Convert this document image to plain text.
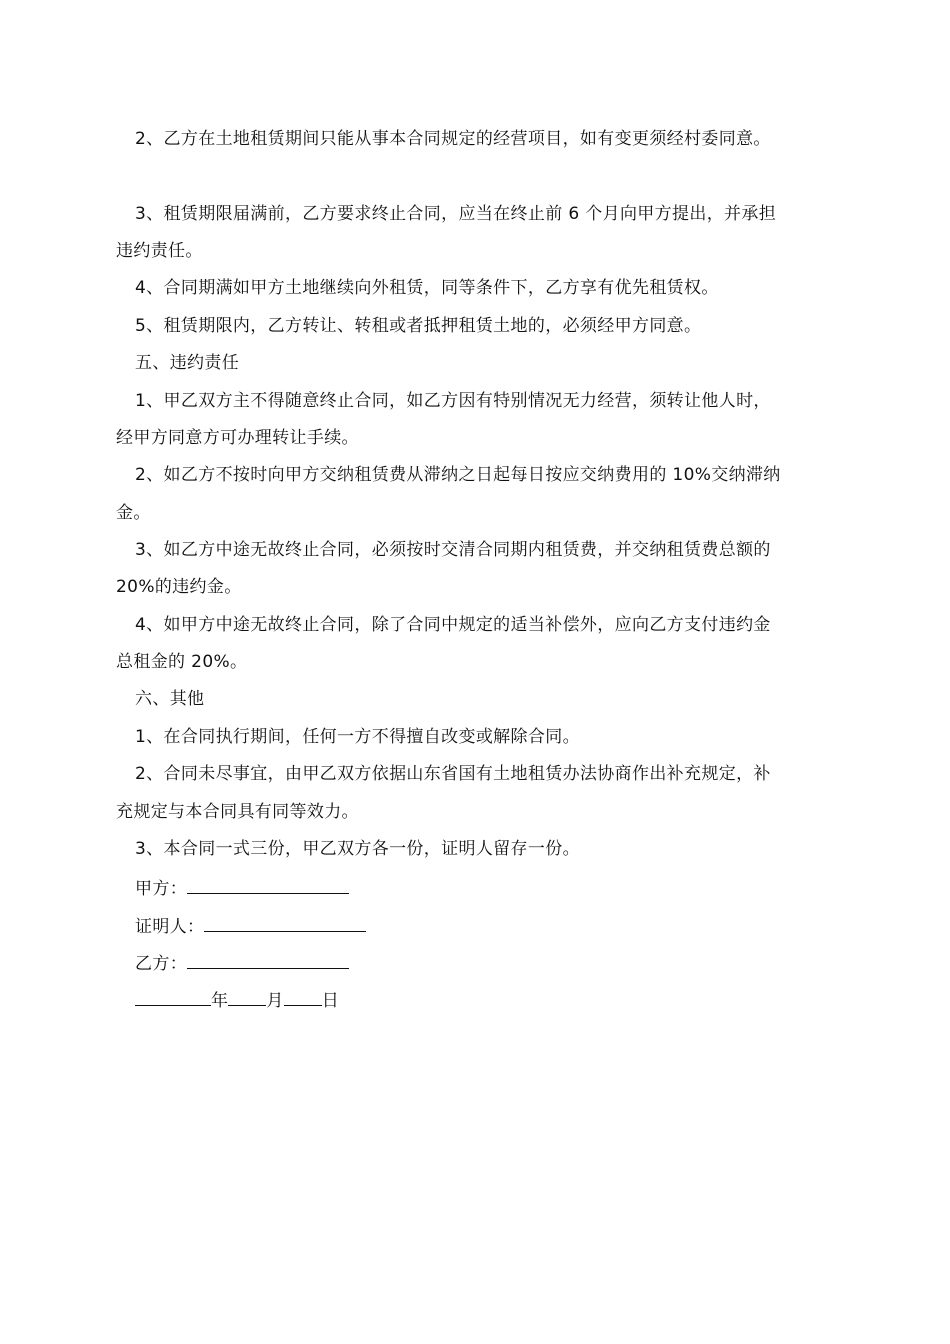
2、乙方在土地租赁期间只能从事本合同规定的经营项目，如有变更须经村委同意。
3、租赁期限届满前，乙方要求终止合同，应当在终止前 6 个月向甲方提出，并承担
违约责任。
4、合同期满如甲方土地继续向外租赁，同等条件下，乙方享有优先租赁权。
5、租赁期限内，乙方转让、转租或者抵押租赁土地的，必须经甲方同意。
五、违约责任
1、甲乙双方主不得随意终止合同，如乙方因有特别情况无力经营，须转让他人时，
经甲方同意方可办理转让手续。
2、如乙方不按时向甲方交纳租赁费从滞纳之日起每日按应交纳费用的 10%交纳滞纳
金。
3、如乙方中途无故终止合同，必须按时交清合同期内租赁费，并交纳租赁费总额的
20%的违约金。
4、如甲方中途无故终止合同，除了合同中规定的适当补偿外，应向乙方支付违约金
总租金的 20%。
六、其他
1、在合同执行期间，任何一方不得擅自改变或解除合同。
2、合同未尽事宜，由甲乙双方依据山东省国有土地租赁办法协商作出补充规定，补
充规定与本合同具有同等效力。
3、本合同一式三份，甲乙双方各一份，证明人留存一份。
甲方：
证明人：
乙方：
年 月 日
